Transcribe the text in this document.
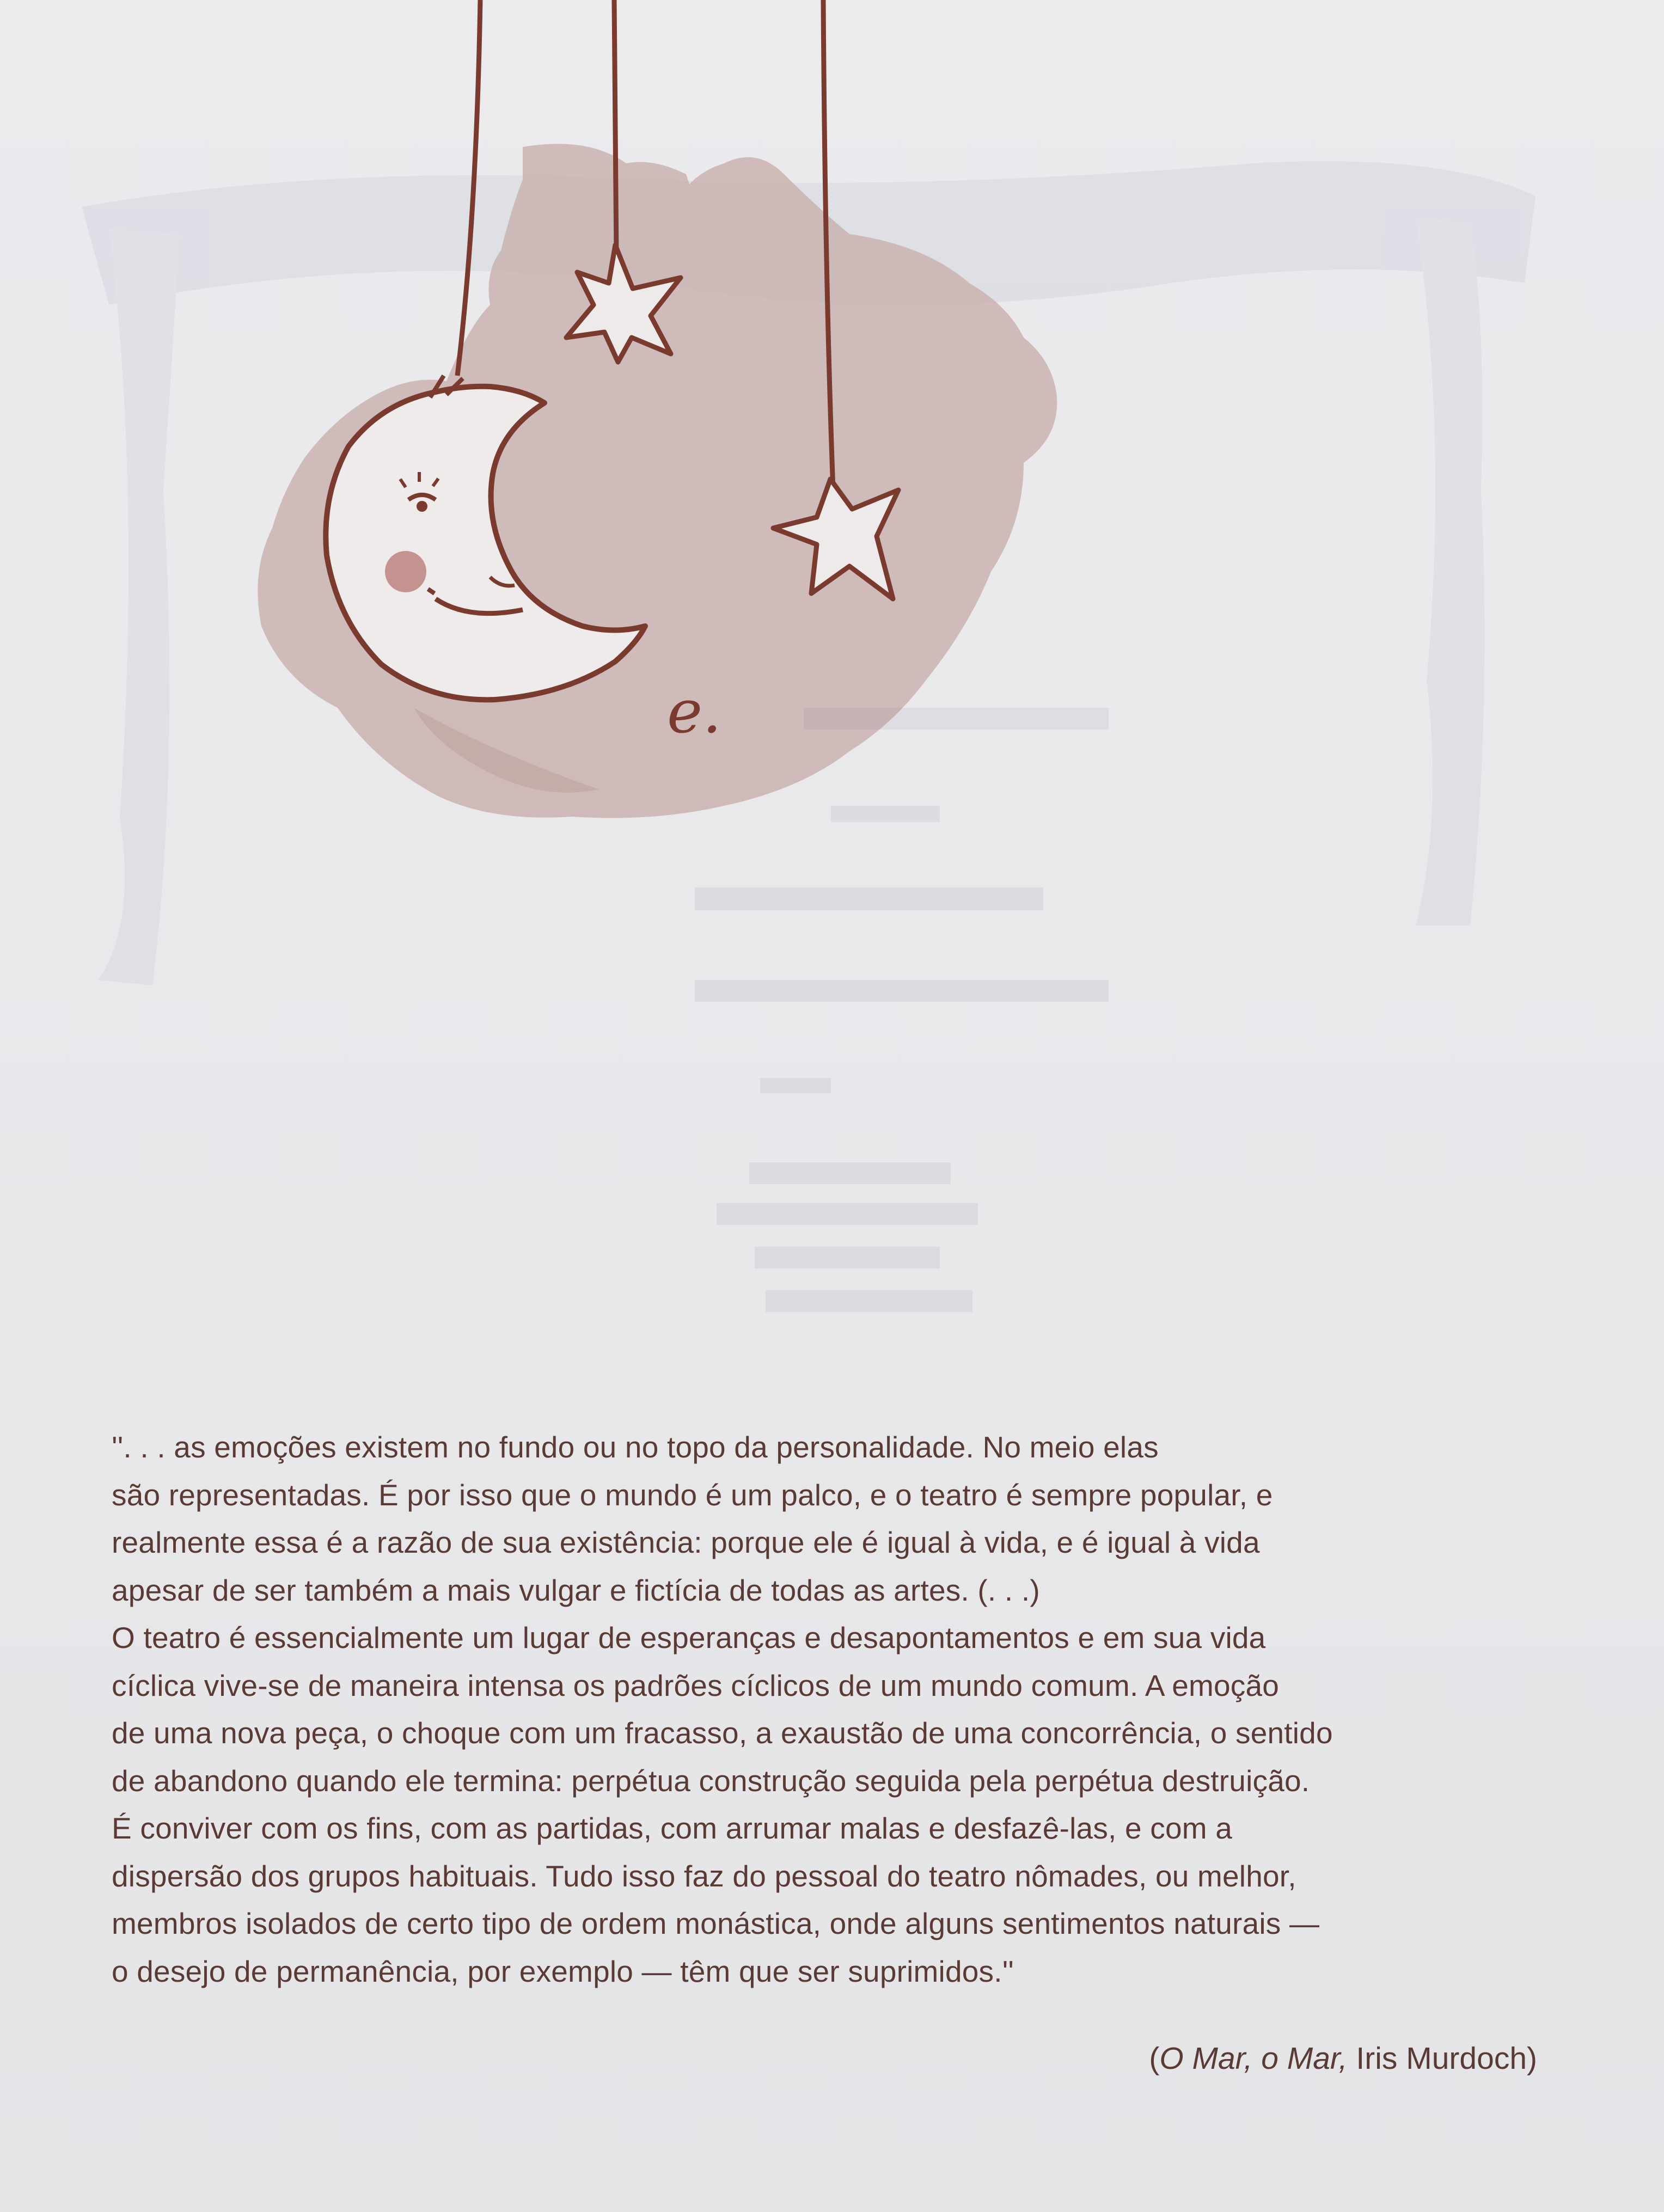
e.

''. . . as emoções existem no fundo ou no topo da personalidade. No meio elas

são representadas. É por isso que o mundo é um palco, e o teatro é sempre popular, e

realmente essa é a razão de sua existência: porque ele é igual à vida, e é igual à vida

apesar de ser também a mais vulgar e fictícia de todas as artes. (. . .)

O teatro é essencialmente um lugar de esperanças e desapontamentos e em sua vida

cíclica vive-se de maneira intensa os padrões cíclicos de um mundo comum. A emoção

de uma nova peça, o choque com um fracasso, a exaustão de uma concorrência, o sentido

de abandono quando ele termina: perpétua construção seguida pela perpétua destruição.

É conviver com os fins, com as partidas, com arrumar malas e desfazê-las, e com a

dispersão dos grupos habituais. Tudo isso faz do pessoal do teatro nômades, ou melhor,

membros isolados de certo tipo de ordem monástica, onde alguns sentimentos naturais —

o desejo de permanência, por exemplo — têm que ser suprimidos.''

(O Mar, o Mar, Iris Murdoch)
